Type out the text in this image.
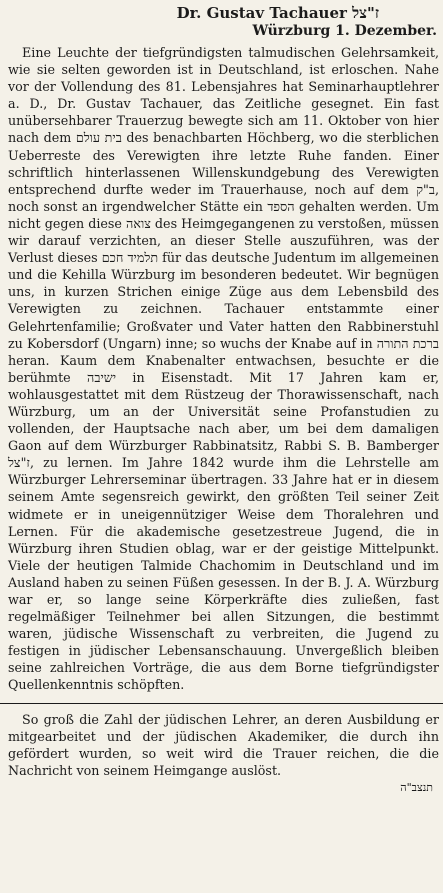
Dr. Gustav Tachauer ז"צל
Würzburg 1. Dezember.

Eine Leuchte der tiefgründigsten talmudischen Gelehrsamkeit, wie sie selten geworden ist in Deutschland, ist erloschen. Nahe vor der Vollendung des 81. Lebensjahres hat Seminarhauptlehrer a. D., Dr. Gustav Tachauer, das Zeitliche gesegnet. Ein fast unübersehbarer Trauerzug bewegte sich am 11. Oktober von hier nach dem בית עולם des benachbarten Höchberg, wo die sterblichen Ueberreste des Verewigten ihre letzte Ruhe fanden. Einer schriftlich hinterlassenen Willenskundgebung des Verewigten entsprechend durfte weder im Trauerhause, noch auf dem ב"ק, noch sonst an irgendwelcher Stätte ein הספד gehalten werden. Um nicht gegen diese צואה des Heimgegangenen zu verstoßen, müssen wir darauf verzichten, an dieser Stelle auszuführen, was der Verlust dieses תלמיד חכם für das deutsche Judentum im allgemeinen und die Kehilla Würzburg im besonderen bedeutet. Wir begnügen uns, in kurzen Strichen einige Züge aus dem Lebensbild des Verewigten zu zeichnen. Tachauer entstammte einer Gelehrtenfamilie; Großvater und Vater hatten den Rabbinerstuhl zu Kobersdorf (Ungarn) inne; so wuchs der Knabe auf in ברכת התורה heran. Kaum dem Knabenalter entwachsen, besuchte er die berühmte ישיבה in Eisenstadt. Mit 17 Jahren kam er, wohlausgestattet mit dem Rüstzeug der Thorawissenschaft, nach Würzburg, um an der Universität seine Profanstudien zu vollenden, der Hauptsache nach aber, um bei dem damaligen Gaon auf dem Würzburger Rabbinatsitz, Rabbi S. B. Bamberger ז"צל, zu lernen. Im Jahre 1842 wurde ihm die Lehrstelle am Würzburger Lehrerseminar übertragen. 33 Jahre hat er in diesem seinem Amte segensreich gewirkt, den größten Teil seiner Zeit widmete er in uneigennütziger Weise dem Thoralehren und Lernen. Für die akademische gesetzestreue Jugend, die in Würzburg ihren Studien oblag, war er der geistige Mittelpunkt. Viele der heutigen Talmide Chachomim in Deutschland und im Ausland haben zu seinen Füßen gesessen. In der B. J. A. Würzburg war er, so lange seine Körperkräfte dies zuließen, fast regelmäßiger Teilnehmer bei allen Sitzungen, die bestimmt waren, jüdische Wissenschaft zu verbreiten, die Jugend zu festigen in jüdischer Lebensanschauung. Unvergeßlich bleiben seine zahlreichen Vorträge, die aus dem Borne tiefgründigster Quellenkenntnis schöpften.

So groß die Zahl der jüdischen Lehrer, an deren Ausbildung er mitgearbeitet und der jüdischen Akademiker, die durch ihn gefördert wurden, so weit wird die Trauer reichen, die die Nachricht von seinem Heimgange auslöst.

תנצב"ה
